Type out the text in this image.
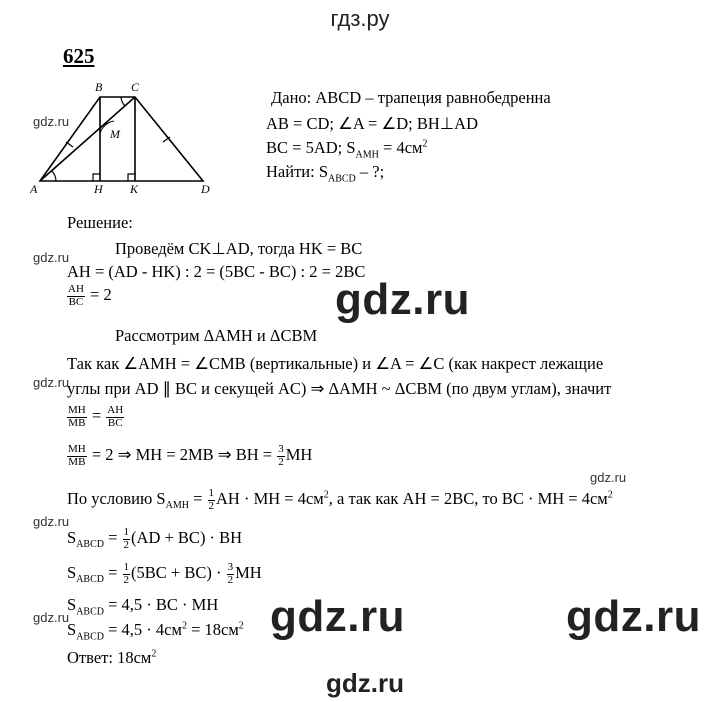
гдз.ру
625
A
B C
D
H K
M
Дано: ABCD – трапеция равнобедренна
AB = CD; ∠A = ∠D; BH⊥AD
BC = 5AD; $S_{AMH} = 4см^2$
Найти: $S_{ABCD}$ – ?;
Решение:
Проведём CK⊥AD, тогда HK = BC
AH = (AD - HK) : 2 = (5BC - BC) : 2 = 2BC
$\frac{AH}{BC} = 2$
Рассмотрим ΔAMH и ΔCBM
Так как ∠AMH = ∠CMB (вертикальные) и ∠A = ∠C (как накрест лежащие
углы при AD ∥ BC и секущей AC) ⇒ ΔAMH ~ ΔCBM (по двум углам), значит
$\frac{MH}{MB} = \frac{AH}{BC}$
$\frac{MH}{MB} = 2$ ⇒ MH = 2MB ⇒ BH = $\frac{3}{2}$ MH
По условию $S_{AMH} = \frac{1}{2}$ AH · MH = $4см^2$, а так как AH = 2BC, то BC · MH = $4см^2$
$S_{ABCD} = \frac{1}{2} (AD + BC)$ · BH
$S_{ABCD} = \frac{1}{2} (5BC + BC) \cdot \frac{3}{2}$ MH
$S_{ABCD} = 4,5$ · BC · MH
$S_{ABCD} = 4,5 \cdot 4см^2 = 18см^2$
Ответ: $18см^2$
gdz.ru
gdz.ru
gdz.ru
gdz.ru
gdz.ru
gdz.ru
gdz.ru
gdz.ru	gdz.ru
gdz.ru
